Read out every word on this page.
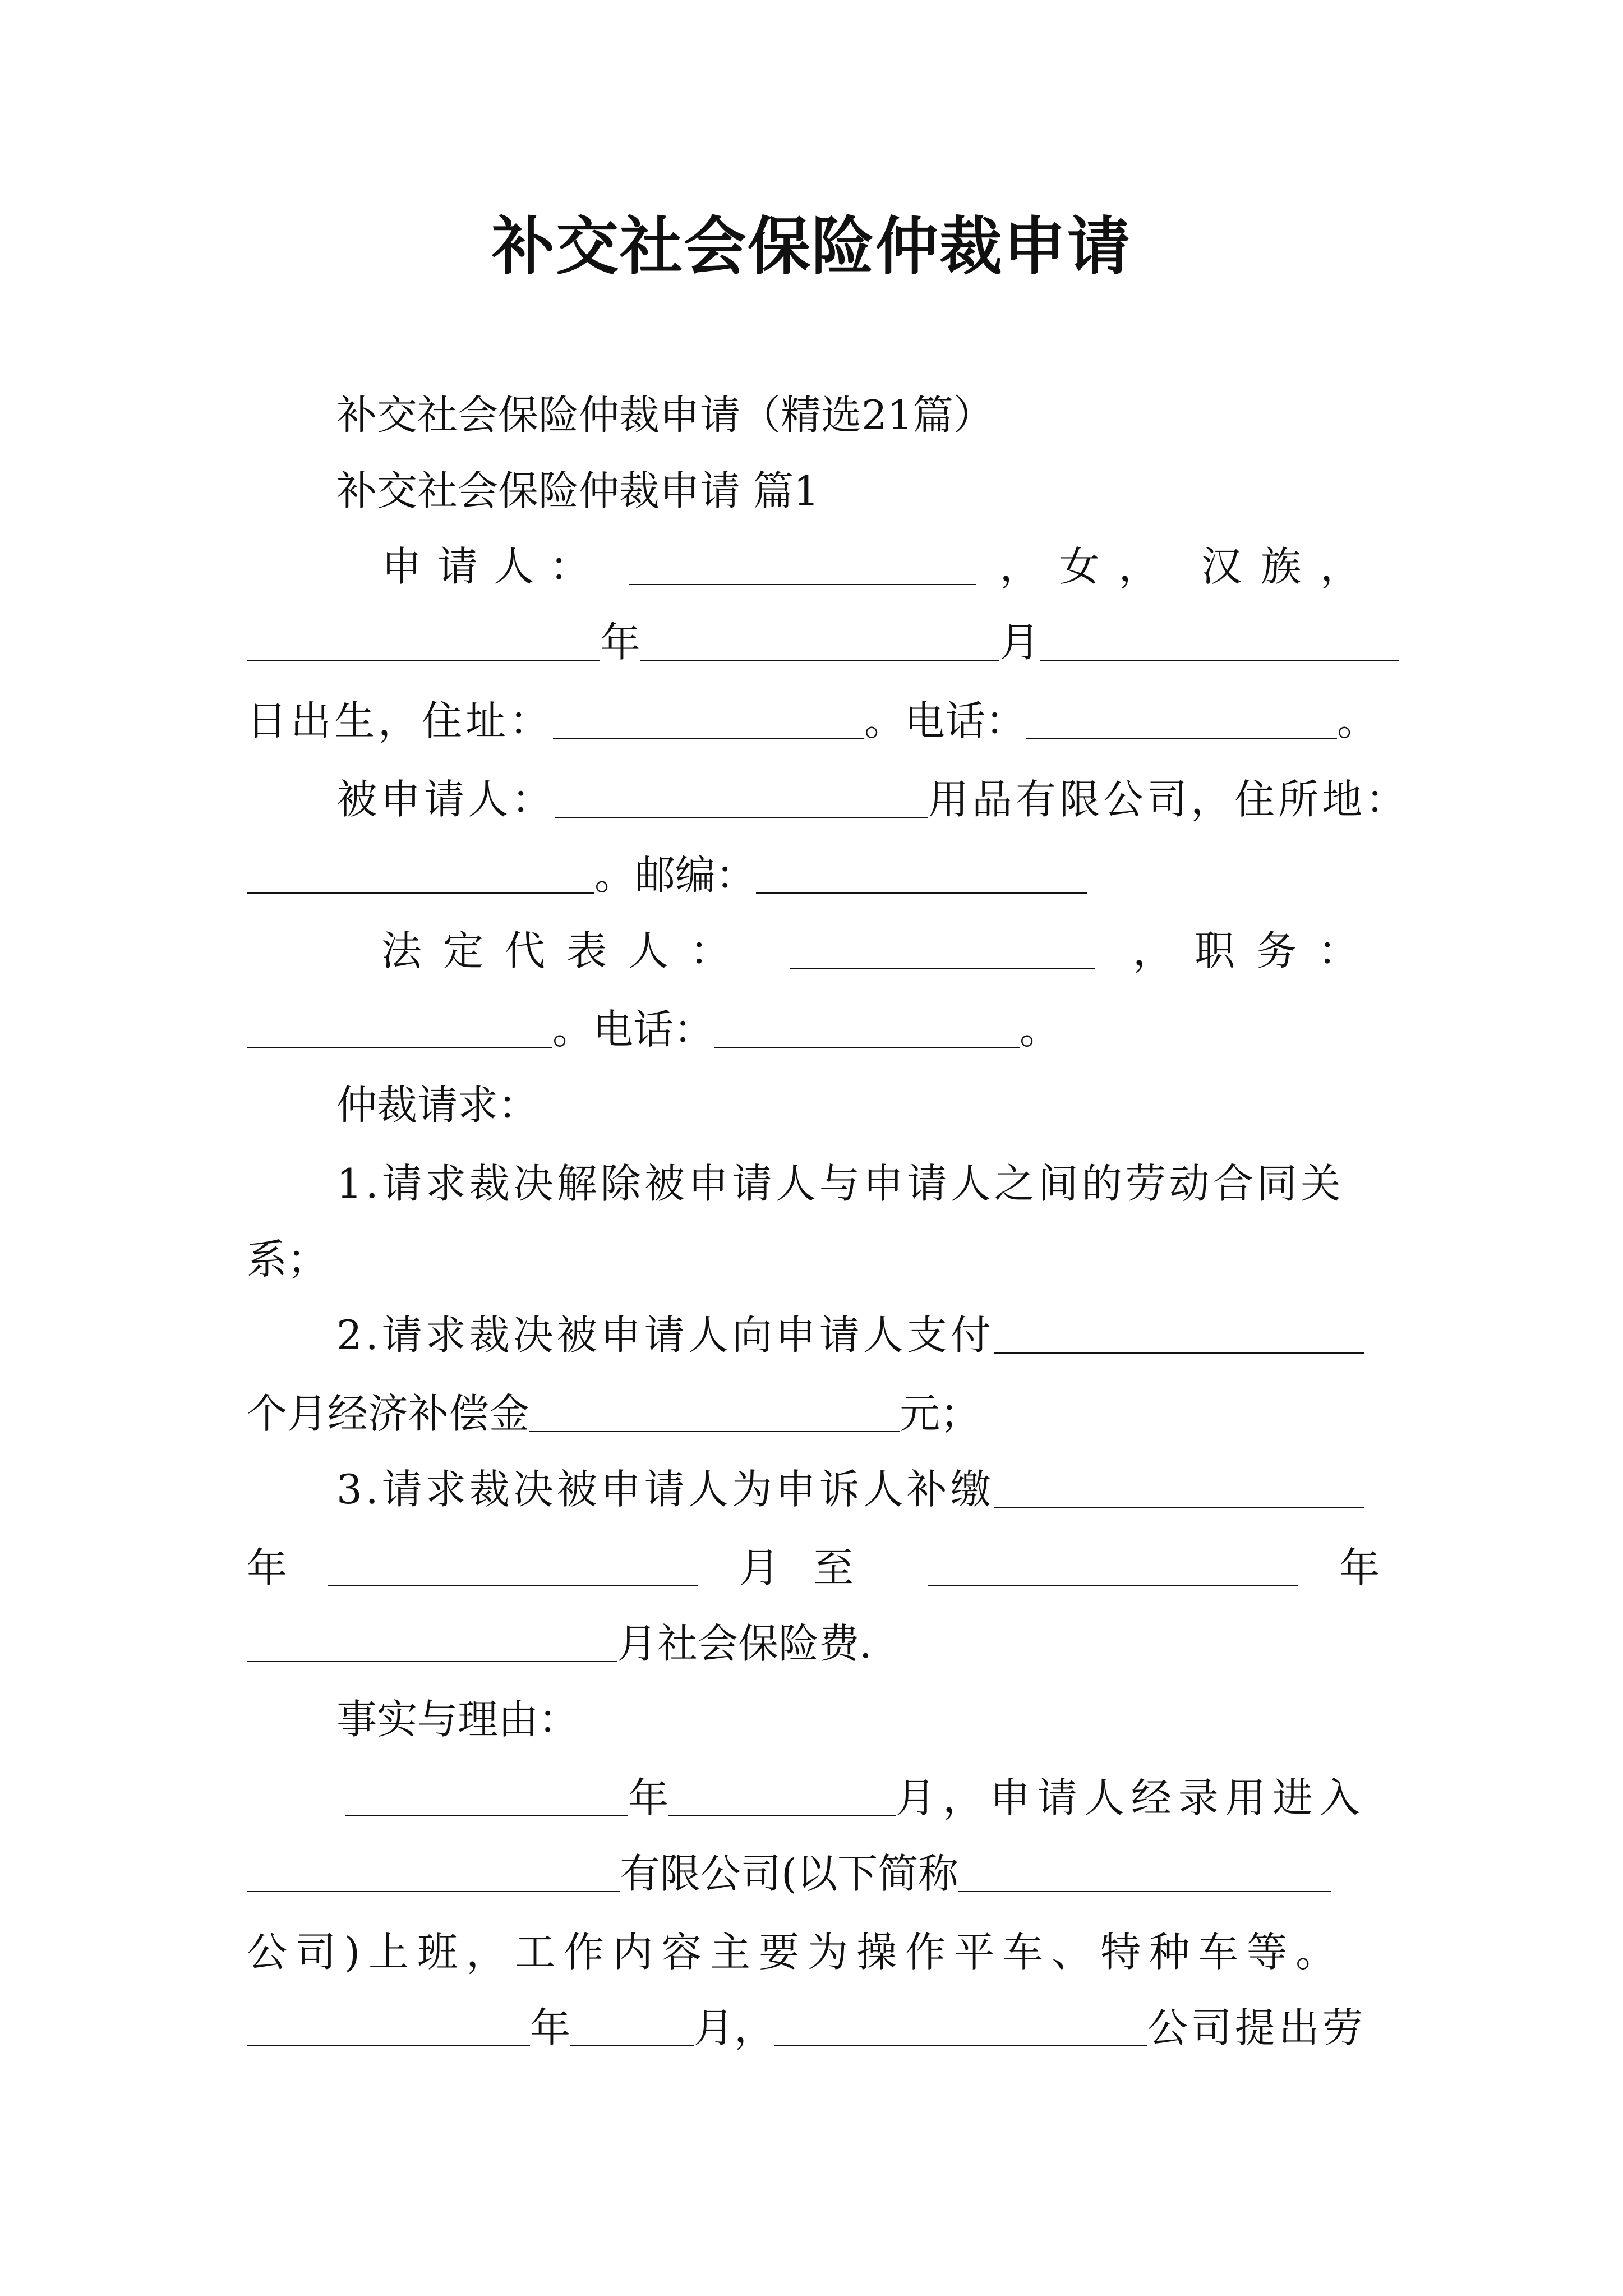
补交社会保险仲裁申请
补交社会保险仲裁申请（精选21篇）
补交社会保险仲裁申请 篇1
申请人：	，女， 汉族，
年	月
日出生，住址：	。电话：	。
被申请人：	用品有限公司，住所地：
。邮编：
法定代表人：	，职务：
。电话：	。
仲裁请求：
1.请求裁决解除被申请人与申请人之间的劳动合同关
系；
2.请求裁决被申请人向申请人支付
个月经济补偿金	元；
3.请求裁决被申请人为申诉人补缴
年	月至	年
月社会保险费.
事实与理由：
年	月，申请人经录用进入
有限公司(以下简称
公司)上班，工作内容主要为操作平车、特种车等。
年	月，	公司提出劳
